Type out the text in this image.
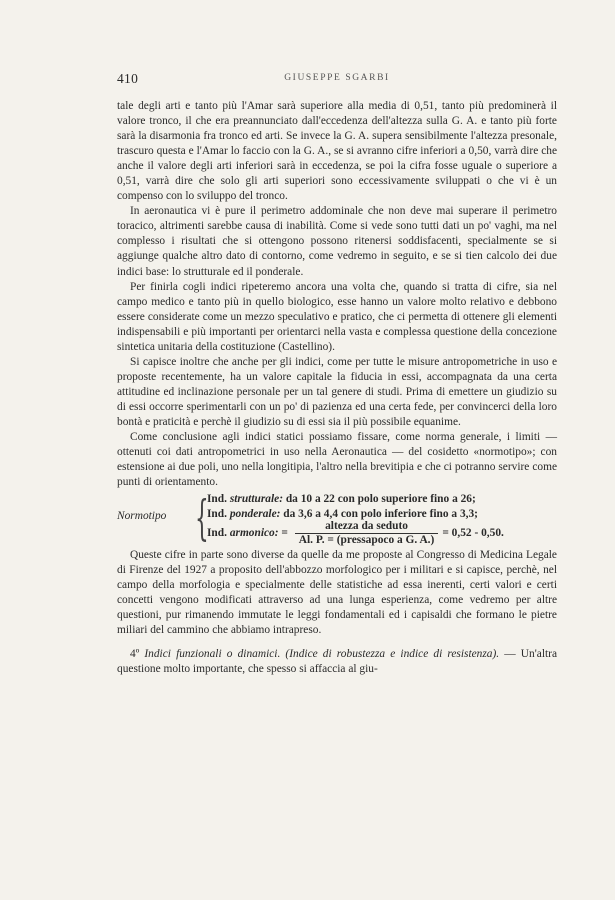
410	GIUSEPPE SGARBI

tale degli arti e tanto più l'Amar sarà superiore alla media di 0,51, tanto più predominerà il valore tronco, il che era preannunciato dall'eccedenza dell'altezza sulla G. A. e tanto più forte sarà la disarmonia fra tronco ed arti. Se invece la G. A. supera sensibilmente l'altezza presonale, trascuro questa e l'Amar lo faccio con la G. A., se si avranno cifre inferiori a 0,50, varrà dire che anche il valore degli arti inferiori sarà in eccedenza, se poi la cifra fosse uguale o superiore a 0,51, varrà dire che solo gli arti superiori sono eccessivamente sviluppati o che vi è un compenso con lo sviluppo del tronco.

In aeronautica vi è pure il perimetro addominale che non deve mai superare il perimetro toracico, altrimenti sarebbe causa di inabilità. Come si vede sono tutti dati un po' vaghi, ma nel complesso i risultati che si ottengono possono ritenersi soddisfacenti, specialmente se si aggiunge qualche altro dato di contorno, come vedremo in seguito, e se si tien calcolo dei due indici base: lo strutturale ed il ponderale.

Per finirla cogli indici ripeteremo ancora una volta che, quando si tratta di cifre, sia nel campo medico e tanto più in quello biologico, esse hanno un valore molto relativo e debbono essere considerate come un mezzo speculativo e pratico, che ci permetta di ottenere gli elementi indispensabili e più importanti per orientarci nella vasta e complessa questione della concezione sintetica unitaria della costituzione (Castellino).

Si capisce inoltre che anche per gli indici, come per tutte le misure antropometriche in uso e proposte recentemente, ha un valore capitale la fiducia in essi, accompagnata da una certa attitudine ed inclinazione personale per un tal genere di studi. Prima di emettere un giudizio su di essi occorre sperimentarli con un po' di pazienza ed una certa fede, per convincerci della loro bontà e praticità e perchè il giudizio su di essi sia il più possibile equanime.

Come conclusione agli indici statici possiamo fissare, come norma generale, i limiti — ottenuti coi dati antropometrici in uso nella Aeronautica — del cosidetto «normotipo»; con estensione ai due poli, uno nella longitipia, l'altro nella brevitipia e che ci potranno servire come punti di orientamento.

Normotipo {
Ind. strutturale: da 10 a 22 con polo superiore fino a 26;
Ind. ponderale: da 3,6 a 4,4 con polo inferiore fino a 3,3;
Ind. armonico: = $\frac{\text{altezza da seduto}}{\text{Al. P. = (pressapoco a G. A.)}} = 0,52 - 0,50$.

Queste cifre in parte sono diverse da quelle da me proposte al Congresso di Medicina Legale di Firenze del 1927 a proposito dell'abbozzo morfologico per i militari e si capisce, perchè, nel campo della morfologia e specialmente delle statistiche ad essa inerenti, certi valori e certi concetti vengono modificati attraverso ad una lunga esperienza, come vedremo per altre questioni, pur rimanendo immutate le leggi fondamentali ed i capisaldi che formano le pietre miliari del cammino che abbiamo intrapreso.

4º Indici funzionali o dinamici. (Indice di robustezza e indice di resistenza). — Un'altra questione molto importante, che spesso si affaccia al giu-
